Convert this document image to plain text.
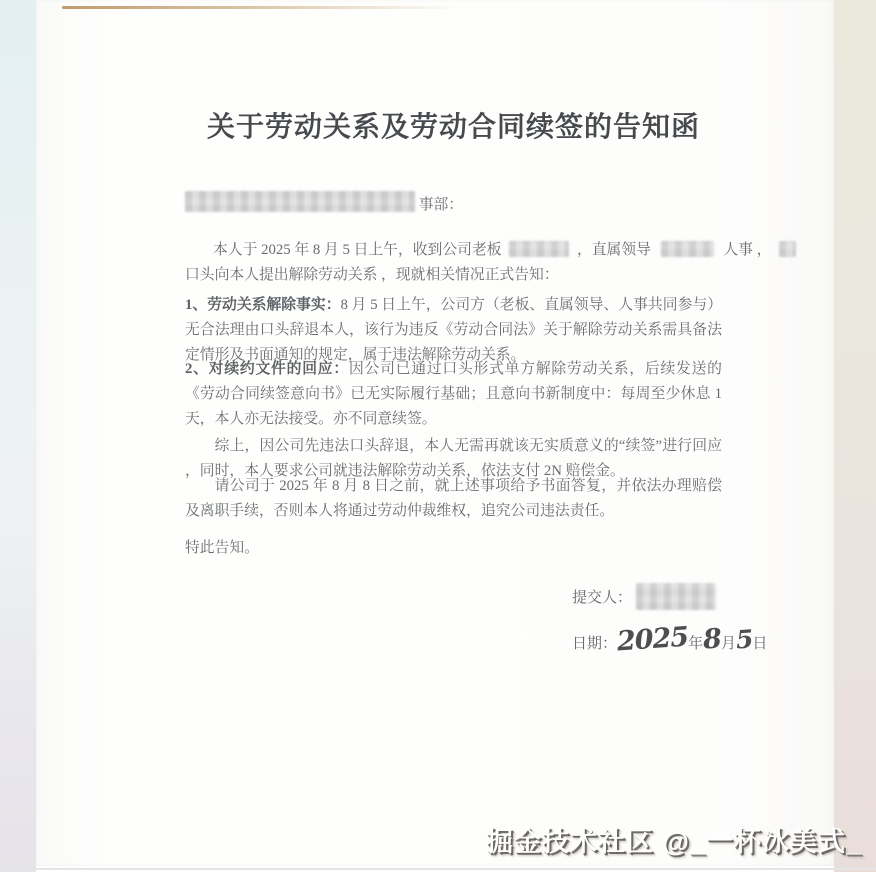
关于劳动关系及劳动合同续签的告知函
事部：
本人于 2025 年 8 月 5 日上午，收到公司老板	，直属领导	人事 ，
口头向本人提出解除劳动关系 ，现就相关情况正式告知：
1、劳动关系解除事实：8 月 5 日上午，公司方（老板、直属领导、人事共同参与）无合法理由口头辞退本人，该行为违反《劳动合同法》关于解除劳动关系需具备法定情形及书面通知的规定，属于违法解除劳动关系。
2、对续约文件的回应：因公司已通过口头形式单方解除劳动关系，后续发送的《劳动合同续签意向书》已无实际履行基础；且意向书新制度中：每周至少休息 1 天，本人亦无法接受。亦不同意续签。
综上，因公司先违法口头辞退，本人无需再就该无实质意义的“续签”进行回应 ，同时，本人要求公司就违法解除劳动关系，依法支付 2N 赔偿金。
请公司于 2025 年 8 月 8 日之前，就上述事项给予书面答复，并依法办理赔偿及离职手续，否则本人将通过劳动仲裁维权，追究公司违法责任。
特此告知。
提交人：
日期：2025年8月5日
掘金技术社区 @_一杯冰美式_
